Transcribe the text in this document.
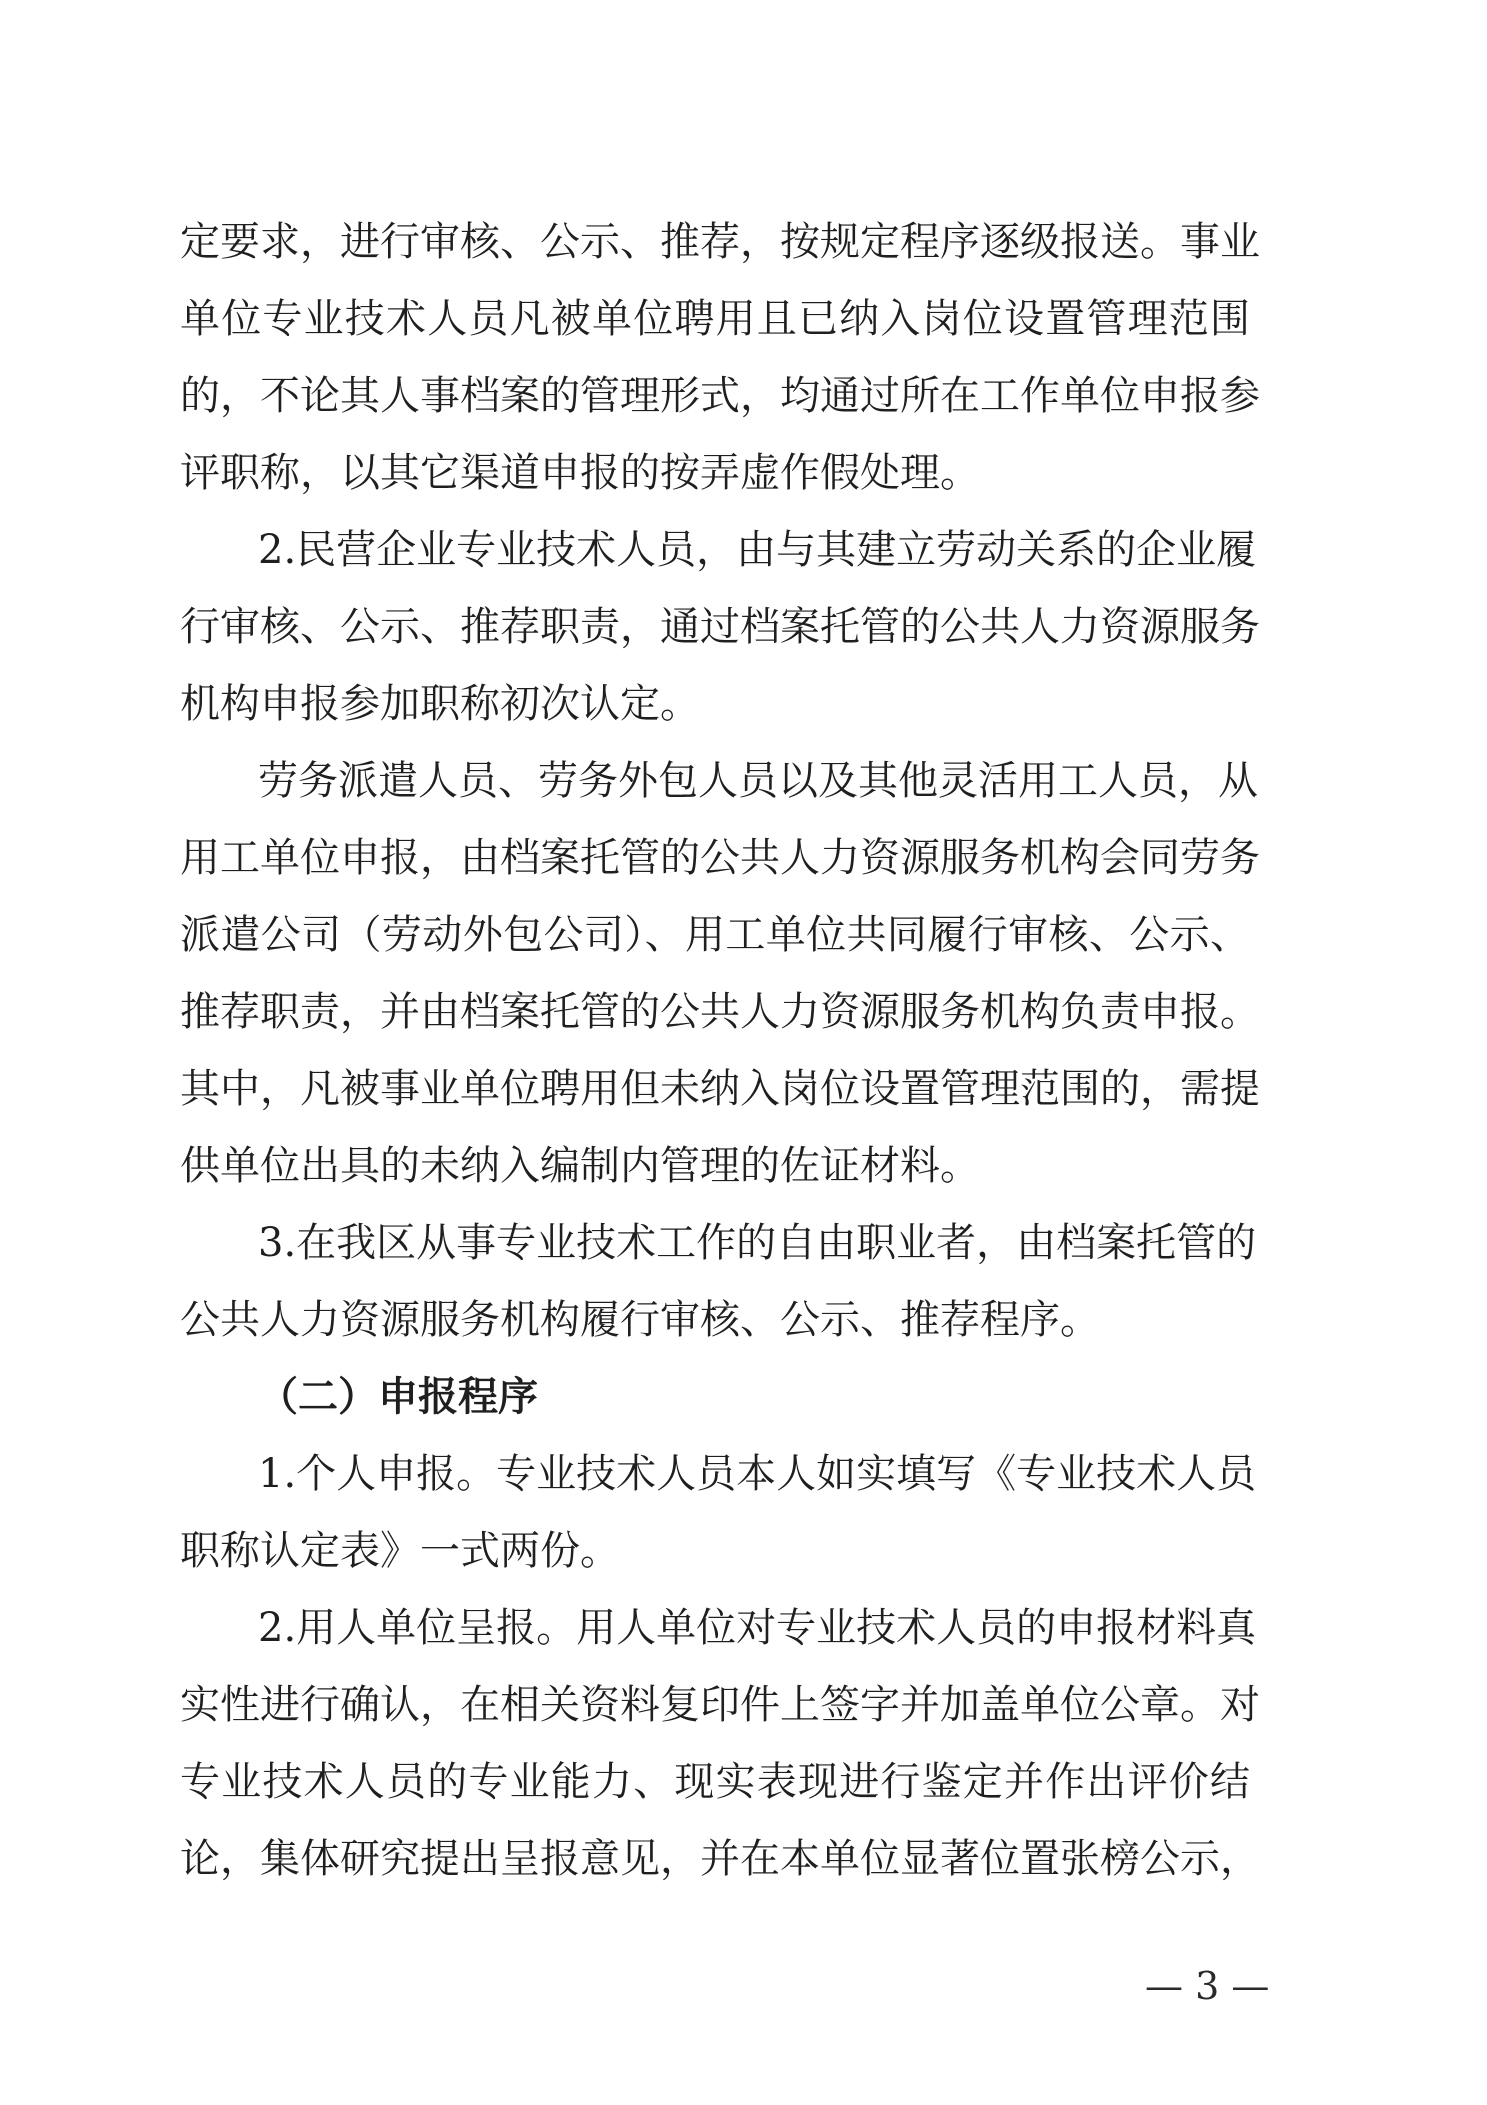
定要求，进行审核、公示、推荐，按规定程序逐级报送。事业
单位专业技术人员凡被单位聘用且已纳入岗位设置管理范围
的，不论其人事档案的管理形式，均通过所在工作单位申报参
评职称，以其它渠道申报的按弄虚作假处理。
2.民营企业专业技术人员，由与其建立劳动关系的企业履
行审核、公示、推荐职责，通过档案托管的公共人力资源服务
机构申报参加职称初次认定。
劳务派遣人员、劳务外包人员以及其他灵活用工人员，从
用工单位申报，由档案托管的公共人力资源服务机构会同劳务
派遣公司（劳动外包公司）、用工单位共同履行审核、公示、
推荐职责，并由档案托管的公共人力资源服务机构负责申报。
其中，凡被事业单位聘用但未纳入岗位设置管理范围的，需提
供单位出具的未纳入编制内管理的佐证材料。
3.在我区从事专业技术工作的自由职业者，由档案托管的
公共人力资源服务机构履行审核、公示、推荐程序。
（二）申报程序
1.个人申报。专业技术人员本人如实填写《专业技术人员
职称认定表》一式两份。
2.用人单位呈报。用人单位对专业技术人员的申报材料真
实性进行确认，在相关资料复印件上签字并加盖单位公章。对
专业技术人员的专业能力、现实表现进行鉴定并作出评价结
论，集体研究提出呈报意见，并在本单位显著位置张榜公示，
— 3 —
